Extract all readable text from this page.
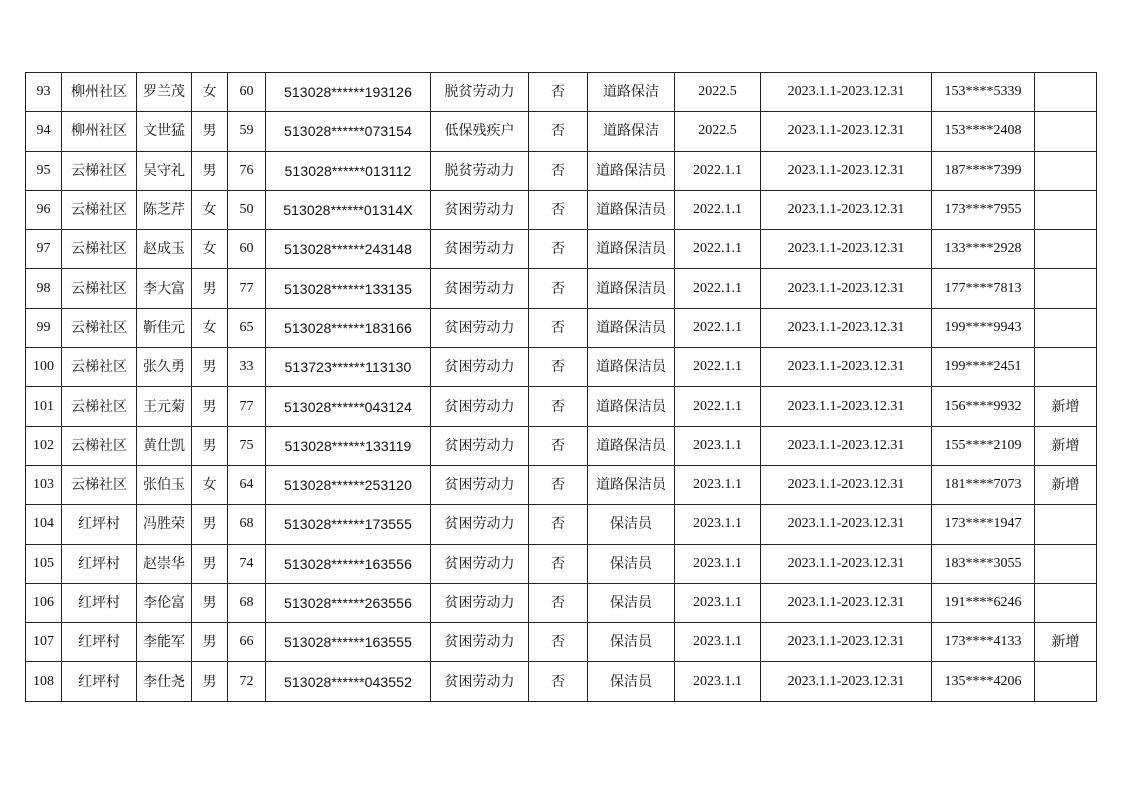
93	柳州社区	罗兰茂	女	60	513028******193126	脱贫劳动力	否	道路保洁	2022.5	2023.1.1-2023.12.31	153****5339	
94	柳州社区	文世猛	男	59	513028******073154	低保残疾户	否	道路保洁	2022.5	2023.1.1-2023.12.31	153****2408	
95	云梯社区	吴守礼	男	76	513028******013112	脱贫劳动力	否	道路保洁员	2022.1.1	2023.1.1-2023.12.31	187****7399	
96	云梯社区	陈芝芹	女	50	513028******01314X	贫困劳动力	否	道路保洁员	2022.1.1	2023.1.1-2023.12.31	173****7955	
97	云梯社区	赵成玉	女	60	513028******243148	贫困劳动力	否	道路保洁员	2022.1.1	2023.1.1-2023.12.31	133****2928	
98	云梯社区	李大富	男	77	513028******133135	贫困劳动力	否	道路保洁员	2022.1.1	2023.1.1-2023.12.31	177****7813	
99	云梯社区	靳佳元	女	65	513028******183166	贫困劳动力	否	道路保洁员	2022.1.1	2023.1.1-2023.12.31	199****9943	
100	云梯社区	张久勇	男	33	513723******113130	贫困劳动力	否	道路保洁员	2022.1.1	2023.1.1-2023.12.31	199****2451	
101	云梯社区	王元菊	男	77	513028******043124	贫困劳动力	否	道路保洁员	2022.1.1	2023.1.1-2023.12.31	156****9932	新增
102	云梯社区	黄仕凯	男	75	513028******133119	贫困劳动力	否	道路保洁员	2023.1.1	2023.1.1-2023.12.31	155****2109	新增
103	云梯社区	张伯玉	女	64	513028******253120	贫困劳动力	否	道路保洁员	2023.1.1	2023.1.1-2023.12.31	181****7073	新增
104	红坪村	冯胜荣	男	68	513028******173555	贫困劳动力	否	保洁员	2023.1.1	2023.1.1-2023.12.31	173****1947	
105	红坪村	赵崇华	男	74	513028******163556	贫困劳动力	否	保洁员	2023.1.1	2023.1.1-2023.12.31	183****3055	
106	红坪村	李伦富	男	68	513028******263556	贫困劳动力	否	保洁员	2023.1.1	2023.1.1-2023.12.31	191****6246	
107	红坪村	李能军	男	66	513028******163555	贫困劳动力	否	保洁员	2023.1.1	2023.1.1-2023.12.31	173****4133	新增
108	红坪村	李仕尧	男	72	513028******043552	贫困劳动力	否	保洁员	2023.1.1	2023.1.1-2023.12.31	135****4206	
